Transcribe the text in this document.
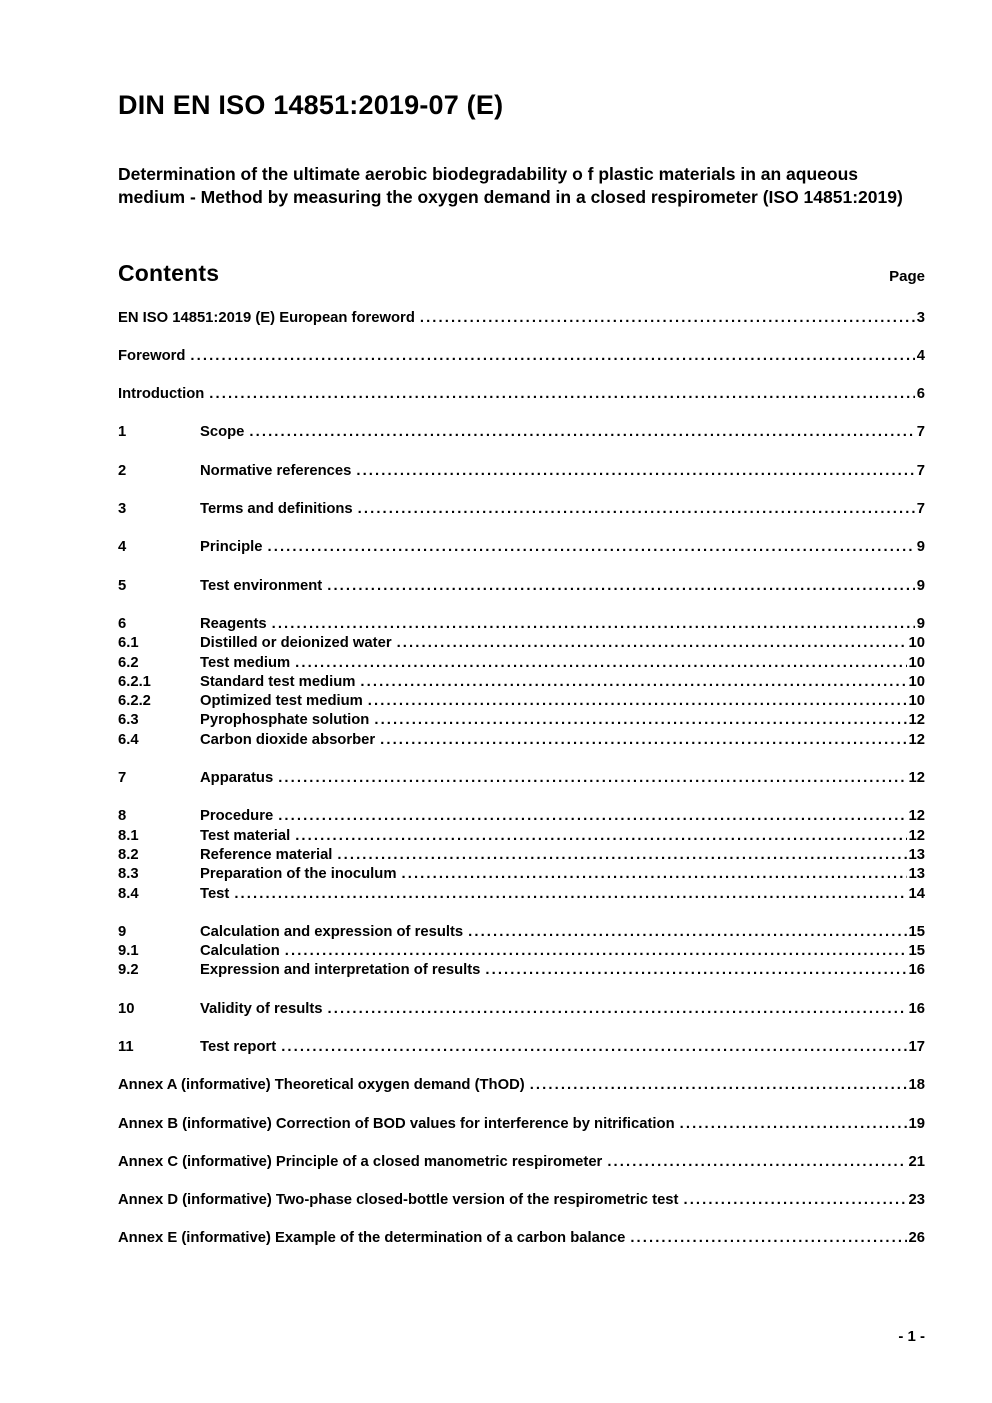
DIN EN ISO 14851:2019-07 (E)
Determination of the ultimate aerobic biodegradability o f plastic materials in an aqueous medium - Method by measuring the oxygen demand in a closed respirometer (ISO 14851:2019)
Contents	Page
EN ISO 14851:2019 (E) European foreword . . .	3
Foreword . . .	4
Introduction . . .	6
1	Scope . . .	7
2	Normative references . . .	7
3	Terms and definitions . . .	7
4	Principle . . .	9
5	Test environment . . .	9
6	Reagents . . .	9
6.1	Distilled or deionized water . . .	10
6.2	Test medium . . .	10
6.2.1	Standard test medium . . .	10
6.2.2	Optimized test medium . . .	10
6.3	Pyrophosphate solution . . .	12
6.4	Carbon dioxide absorber . . .	12
7	Apparatus . . .	12
8	Procedure . . .	12
8.1	Test material . . .	12
8.2	Reference material . . .	13
8.3	Preparation of the inoculum . . .	13
8.4	Test . . .	14
9	Calculation and expression of results . . .	15
9.1	Calculation . . .	15
9.2	Expression and interpretation of results . . .	16
10	Validity of results . . .	16
11	Test report . . .	17
Annex A (informative) Theoretical oxygen demand (ThOD) . . .	18
Annex B (informative) Correction of BOD values for interference by nitrification . . .	19
Annex C (informative) Principle of a closed manometric respirometer . . .	21
Annex D (informative) Two-phase closed-bottle version of the respirometric test . . .	23
Annex E (informative) Example of the determination of a carbon balance . . .	26
- 1 -
